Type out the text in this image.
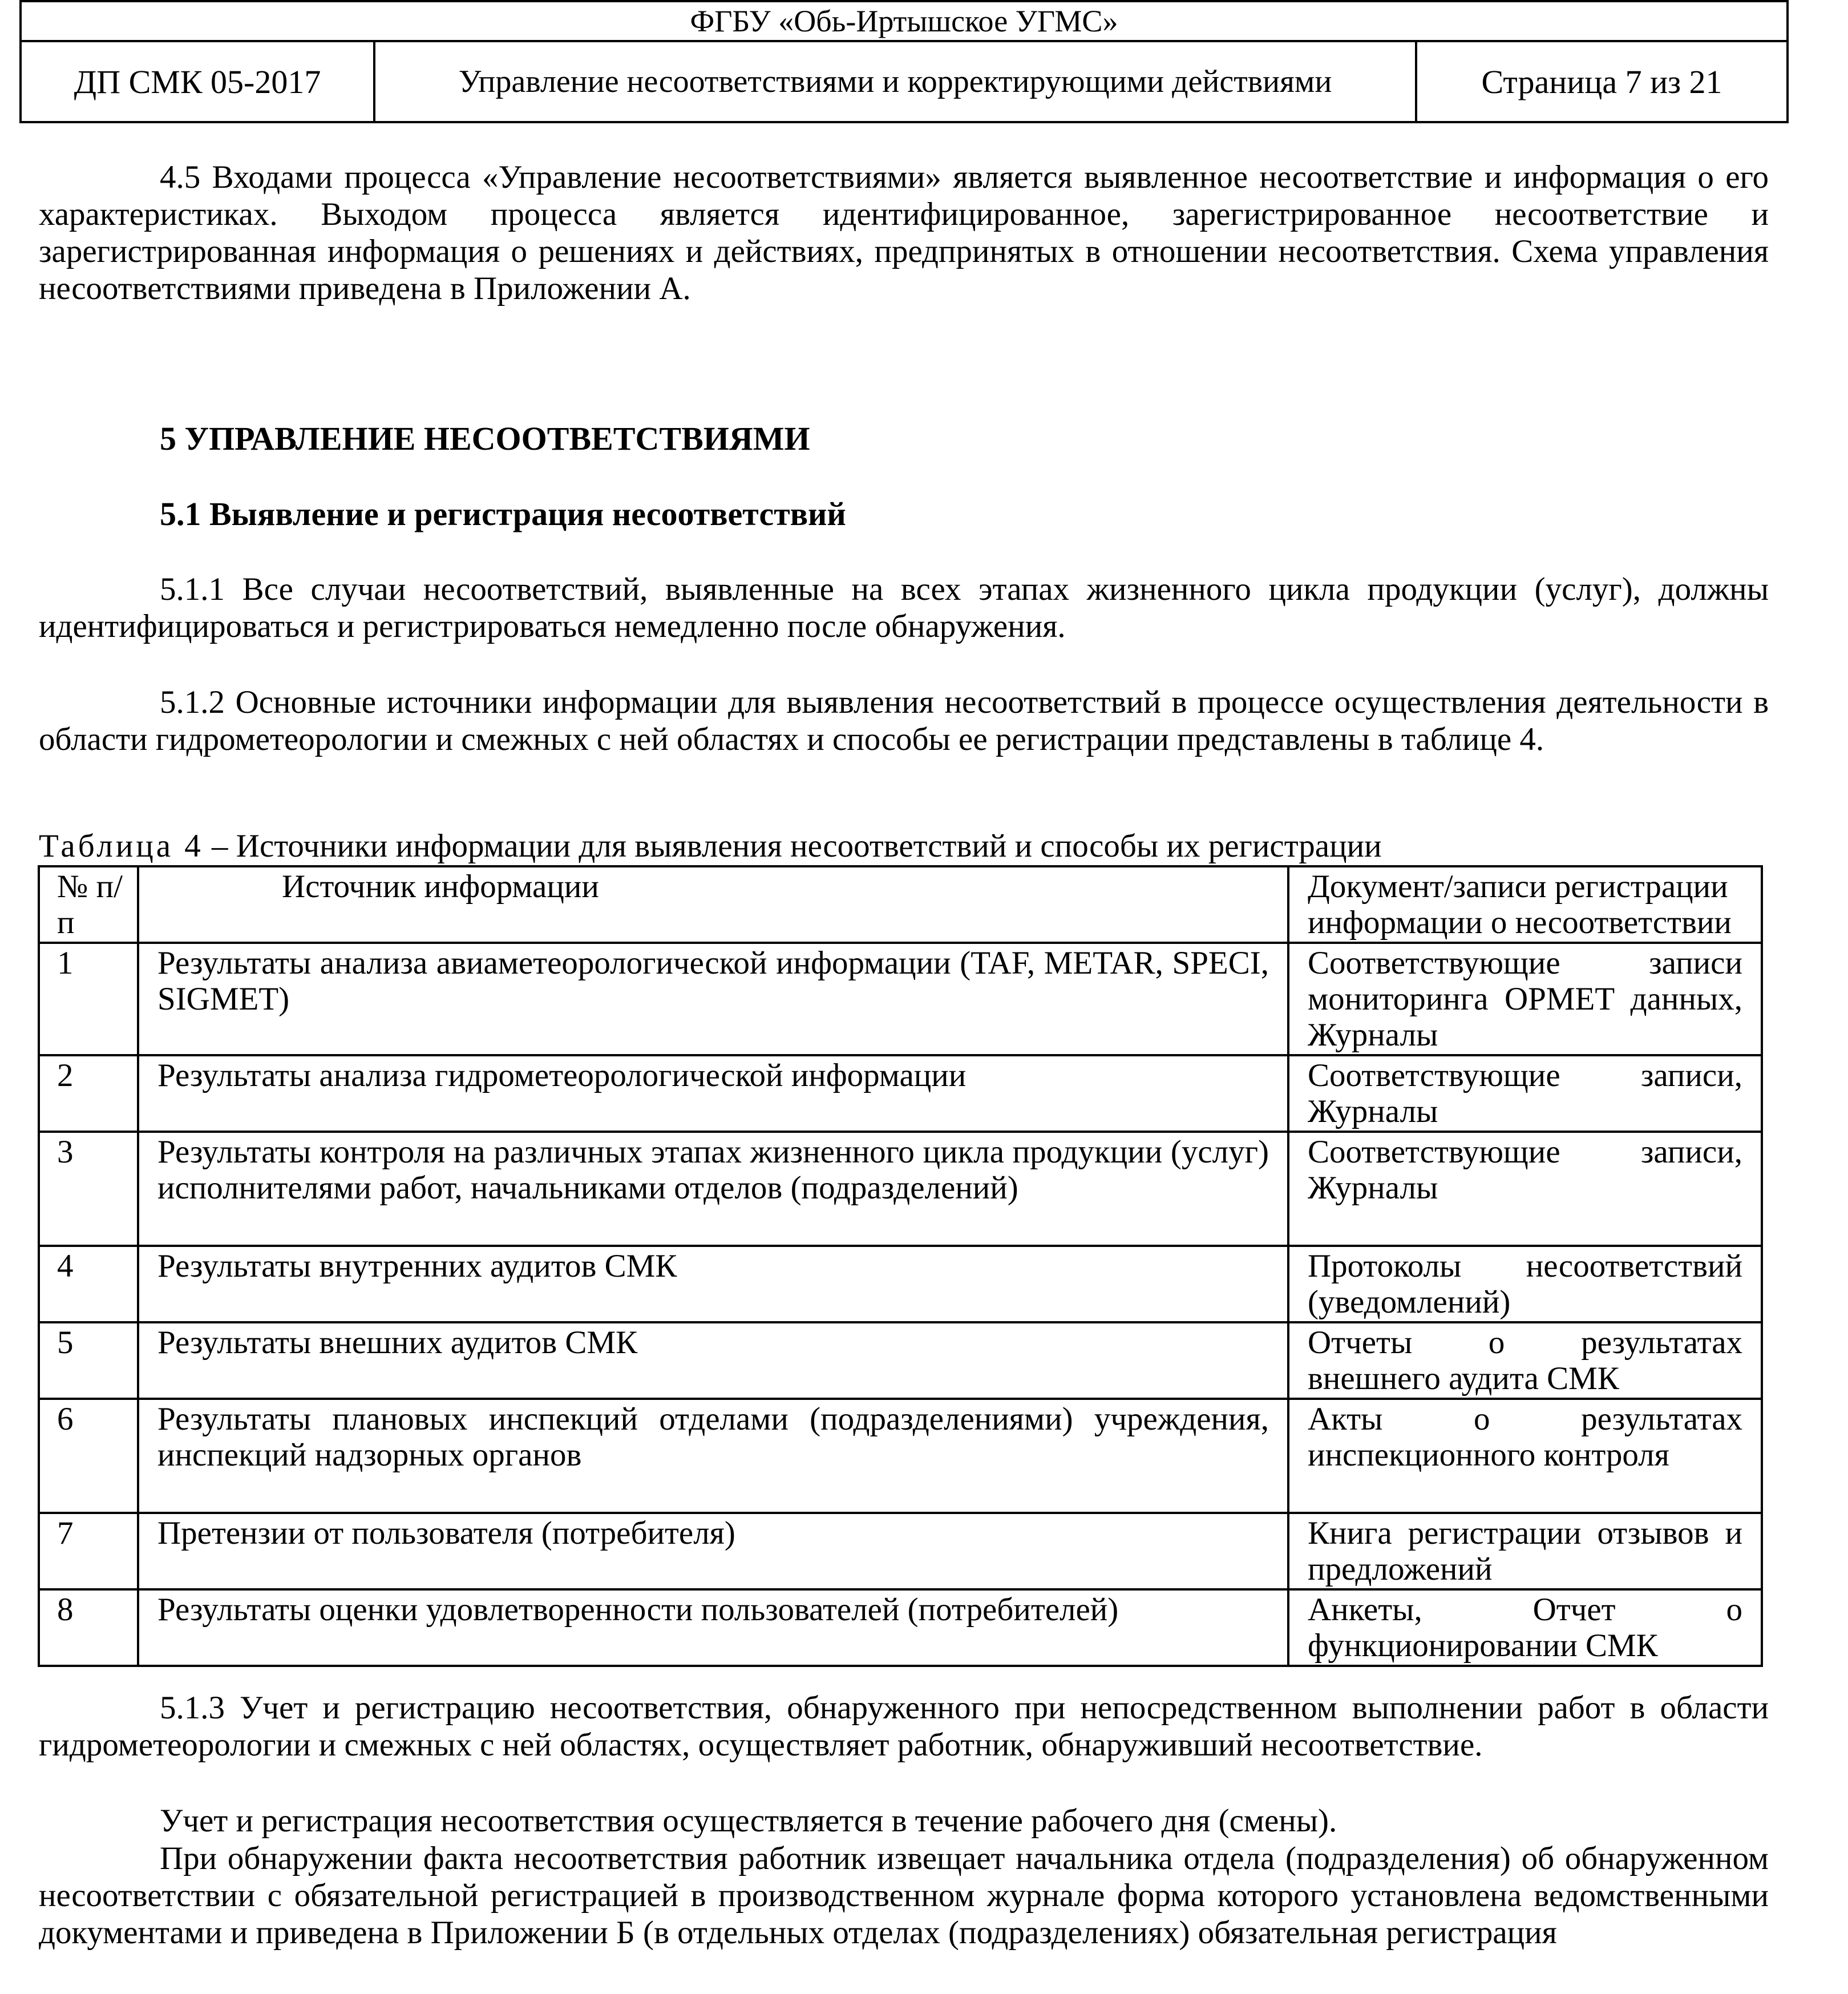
ФГБУ «Обь-Иртышское УГМС»
ДП СМК 05-2017	Управление несоответствиями и корректирующими действиями	Страница 7 из 21
4.5 Входами процесса «Управление несоответствиями» является выявленное несоответствие и информация о его характеристиках. Выходом процесса является идентифицированное, зарегистрированное несоответствие и зарегистрированная информация о решениях и действиях, предпринятых в отношении несоответствия. Схема управления несоответствиями приведена в Приложении А.
5 УПРАВЛЕНИЕ НЕСООТВЕТСТВИЯМИ
5.1 Выявление и регистрация несоответствий
5.1.1 Все случаи несоответствий, выявленные на всех этапах жизненного цикла продукции (услуг), должны идентифицироваться и регистрироваться немедленно после обнаружения.
5.1.2 Основные источники информации для выявления несоответствий в процессе осуществления деятельности в области гидрометеорологии и смежных с ней областях и способы ее регистрации представлены в таблице 4.
Таблица 4 – Источники информации для выявления несоответствий и способы их регистрации
№ п/п	Источник информации	Документ/записи регистрации информации о несоответствии
1	Результаты анализа авиаметеорологической информации (TAF, METAR, SPECI, SIGMET)	Соответствующие записи мониторинга OPMET данных, Журналы
2	Результаты анализа гидрометеорологической информации	Соответствующие записи, Журналы
3	Результаты контроля на различных этапах жизненного цикла продукции (услуг) исполнителями работ, начальниками отделов (подразделений)	Соответствующие записи, Журналы
4	Результаты внутренних аудитов СМК	Протоколы несоответствий (уведомлений)
5	Результаты внешних аудитов СМК	Отчеты о результатах внешнего аудита СМК
6	Результаты плановых инспекций отделами (подразделениями) учреждения, инспекций надзорных органов	Акты о результатах инспекционного контроля
7	Претензии от пользователя (потребителя)	Книга регистрации отзывов и предложений
8	Результаты оценки удовлетворенности пользователей (потребителей)	Анкеты, Отчет о функционировании СМК
5.1.3 Учет и регистрацию несоответствия, обнаруженного при непосредственном выполнении работ в области гидрометеорологии и смежных с ней областях, осуществляет работник, обнаруживший несоответствие.
Учет и регистрация несоответствия осуществляется в течение рабочего дня (смены).
При обнаружении факта несоответствия работник извещает начальника отдела (подразделения) об обнаруженном несоответствии с обязательной регистрацией в производственном журнале форма которого установлена ведомственными документами и приведена в Приложении Б (в отдельных отделах (подразделениях) обязательная регистрация
